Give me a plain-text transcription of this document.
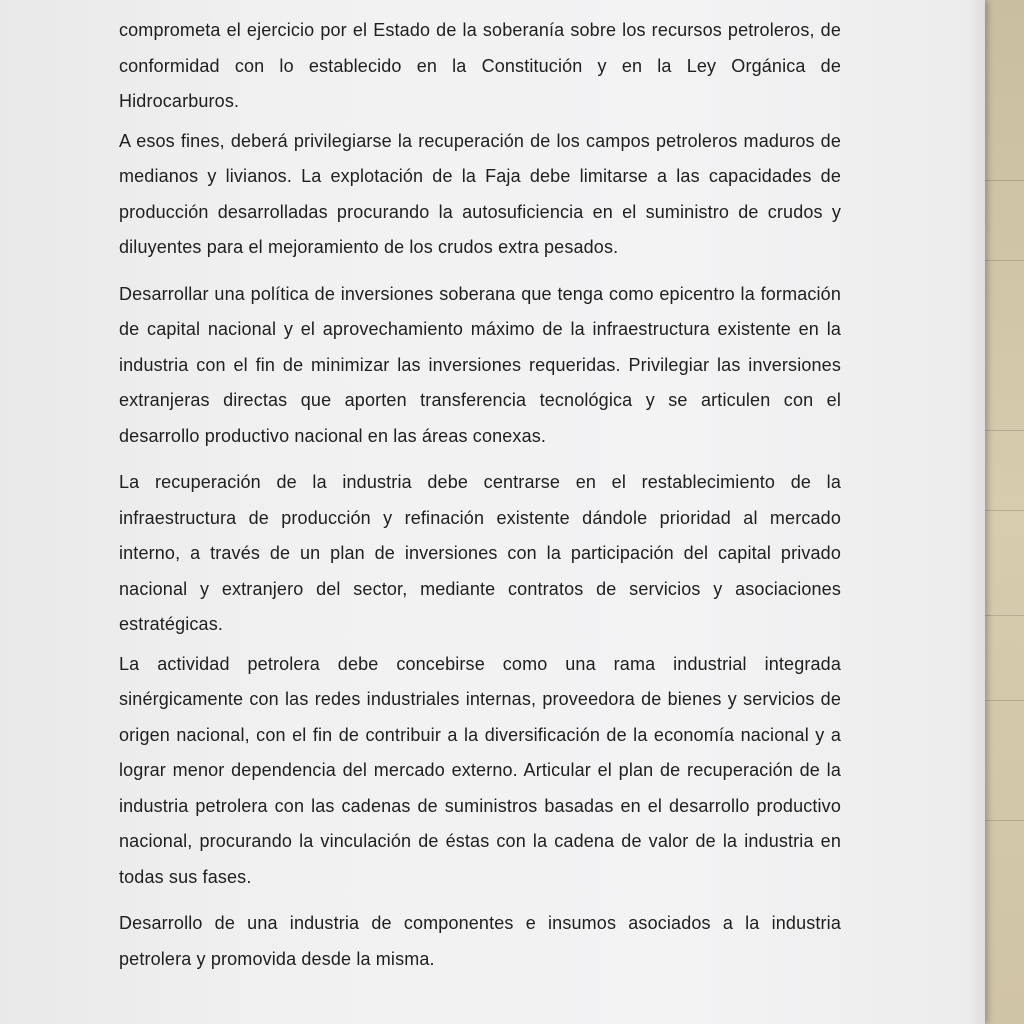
comprometa el ejercicio por el Estado de la soberanía sobre los recursos petroleros, de conformidad con lo establecido en la Constitución y en la Ley Orgánica de Hidrocarburos.

A esos fines, deberá privilegiarse la recuperación de los campos petroleros maduros de medianos y livianos. La explotación de la Faja debe limitarse a las capacidades de producción desarrolladas procurando la autosuficiencia en el suministro de crudos y diluyentes para el mejoramiento de los crudos extra pesados.

Desarrollar una política de inversiones soberana que tenga como epicentro la formación de capital nacional y el aprovechamiento máximo de la infraestructura existente en la industria con el fin de minimizar las inversiones requeridas. Privilegiar las inversiones extranjeras directas que aporten transferencia tecnológica y se articulen con el desarrollo productivo nacional en las áreas conexas.

La recuperación de la industria debe centrarse en el restablecimiento de la infraestructura de producción y refinación existente dándole prioridad al mercado interno, a través de un plan de inversiones con la participación del capital privado nacional y extranjero del sector, mediante contratos de servicios y asociaciones estratégicas.

La actividad petrolera debe concebirse como una rama industrial integrada sinérgicamente con las redes industriales internas, proveedora de bienes y servicios de origen nacional, con el fin de contribuir a la diversificación de la economía nacional y a lograr menor dependencia del mercado externo. Articular el plan de recuperación de la industria petrolera con las cadenas de suministros basadas en el desarrollo productivo nacional, procurando la vinculación de éstas con la cadena de valor de la industria en todas sus fases.

Desarrollo de una industria de componentes e insumos asociados a la industria petrolera y promovida desde la misma.
